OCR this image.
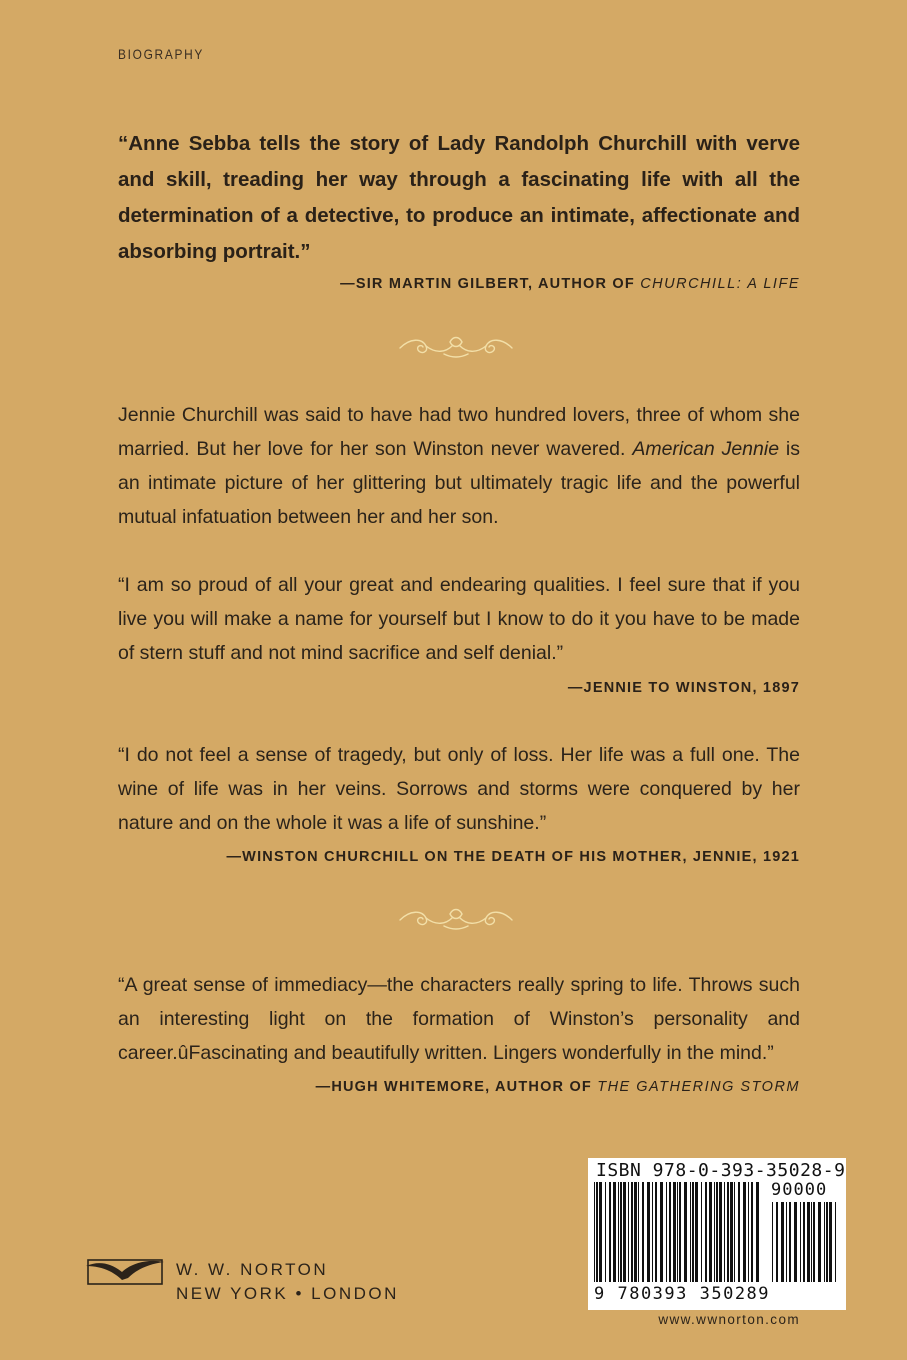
BIOGRAPHY
“Anne Sebba tells the story of Lady Randolph Churchill with verve and skill, treading her way through a fascinating life with all the determination of a detective, to produce an intimate, affectionate and absorbing portrait.”
—SIR MARTIN GILBERT, AUTHOR OF CHURCHILL: A LIFE
Jennie Churchill was said to have had two hundred lovers, three of whom she married. But her love for her son Winston never wavered. American Jennie is an intimate picture of her glittering but ultimately tragic life and the powerful mutual infatuation between her and her son.
“I am so proud of all your great and endearing qualities. I feel sure that if you live you will make a name for yourself but I know to do it you have to be made of stern stuff and not mind sacrifice and self denial.”
—JENNIE TO WINSTON, 1897
“I do not feel a sense of tragedy, but only of loss. Her life was a full one. The wine of life was in her veins. Sorrows and storms were conquered by her nature and on the whole it was a life of sunshine.”
—WINSTON CHURCHILL ON THE DEATH OF HIS MOTHER, JENNIE, 1921
“A great sense of immediacy—the characters really spring to life. Throws such an interesting light on the formation of Winston’s personality and career.ûFascinating and beautifully written. Lingers wonderfully in the mind.”
—HUGH WHITEMORE, AUTHOR OF THE GATHERING STORM
W. W. NORTON
NEW YORK • LONDON
ISBN 978-0-393-35028-9
90000
9 780393 350289
www.wwnorton.com
